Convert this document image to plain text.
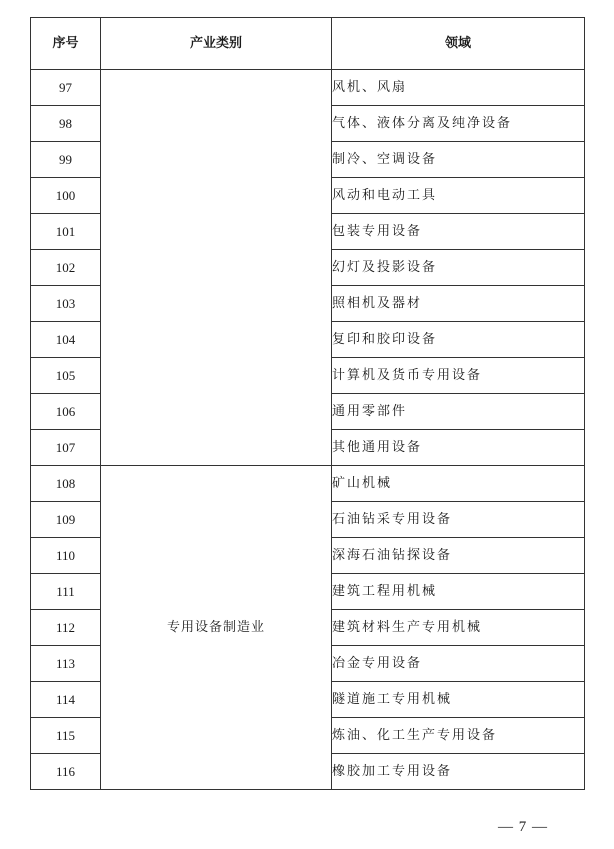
序号	产业类别	领域
97		风机、风扇
98		气体、液体分离及纯净设备
99		制冷、空调设备
100		风动和电动工具
101		包装专用设备
102		幻灯及投影设备
103		照相机及器材
104		复印和胶印设备
105		计算机及货币专用设备
106		通用零部件
107		其他通用设备
108	专用设备制造业	矿山机械
109		石油钻采专用设备
110		深海石油钻探设备
111		建筑工程用机械
112		建筑材料生产专用机械
113		冶金专用设备
114		隧道施工专用机械
115		炼油、化工生产专用设备
116		橡胶加工专用设备
— 7 —
